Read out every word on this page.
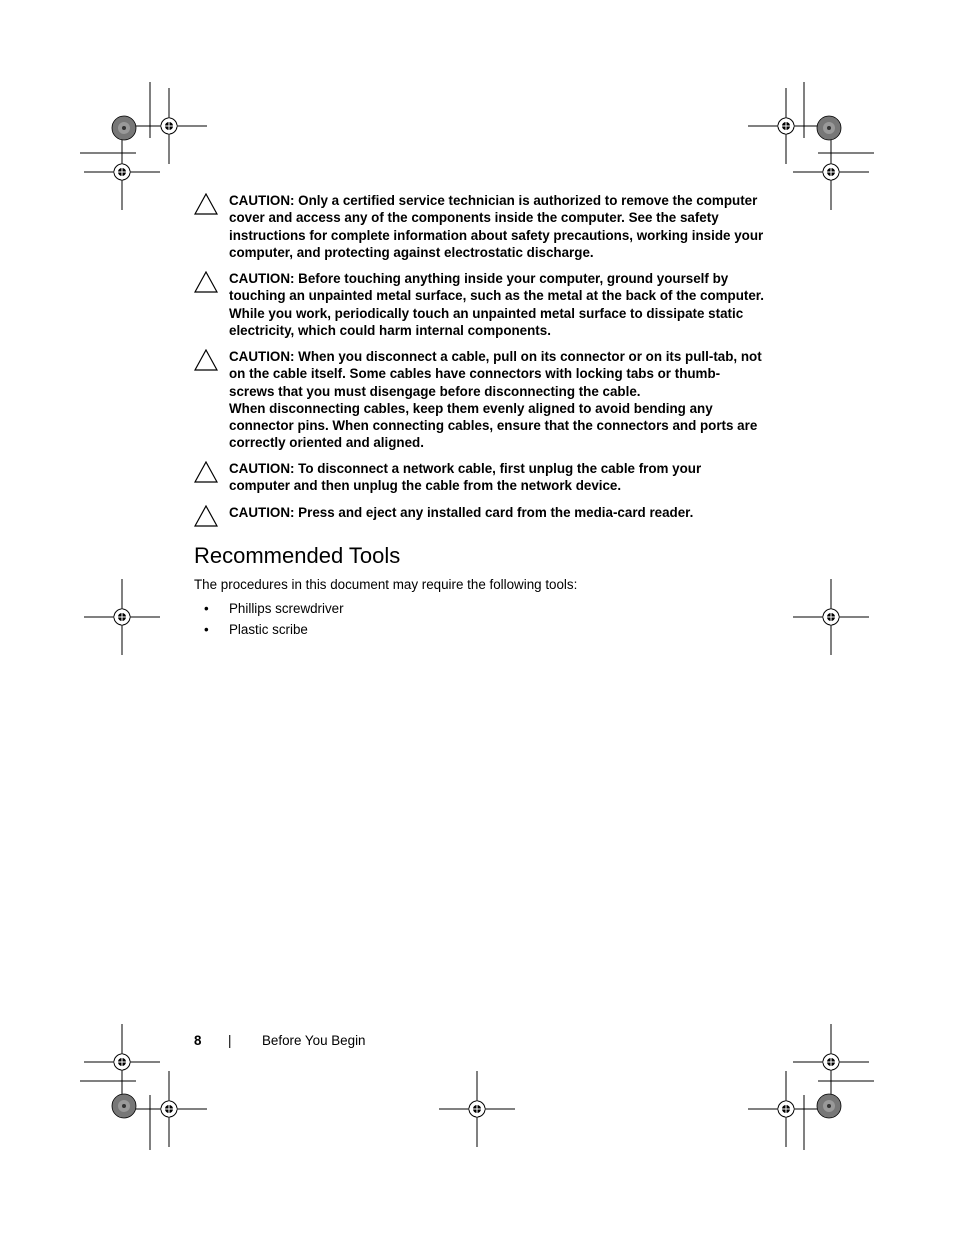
CAUTION: Only a certified service technician is authorized to remove the computer cover and access any of the components inside the computer. See the safety instructions for complete information about safety precautions, working inside your computer, and protecting against electrostatic discharge.

CAUTION: Before touching anything inside your computer, ground yourself by touching an unpainted metal surface, such as the metal at the back of the computer. While you work, periodically touch an unpainted metal surface to dissipate static electricity, which could harm internal components.

CAUTION: When you disconnect a cable, pull on its connector or on its pull-tab, not on the cable itself. Some cables have connectors with locking tabs or thumb-screws that you must disengage before disconnecting the cable.

When disconnecting cables, keep them evenly aligned to avoid bending any connector pins. When connecting cables, ensure that the connectors and ports are correctly oriented and aligned.

CAUTION: To disconnect a network cable, first unplug the cable from your computer and then unplug the cable from the network device.

CAUTION: Press and eject any installed card from the media-card reader.

Recommended Tools

The procedures in this document may require the following tools:

• Phillips screwdriver
• Plastic scribe
8	|	Before You Begin
